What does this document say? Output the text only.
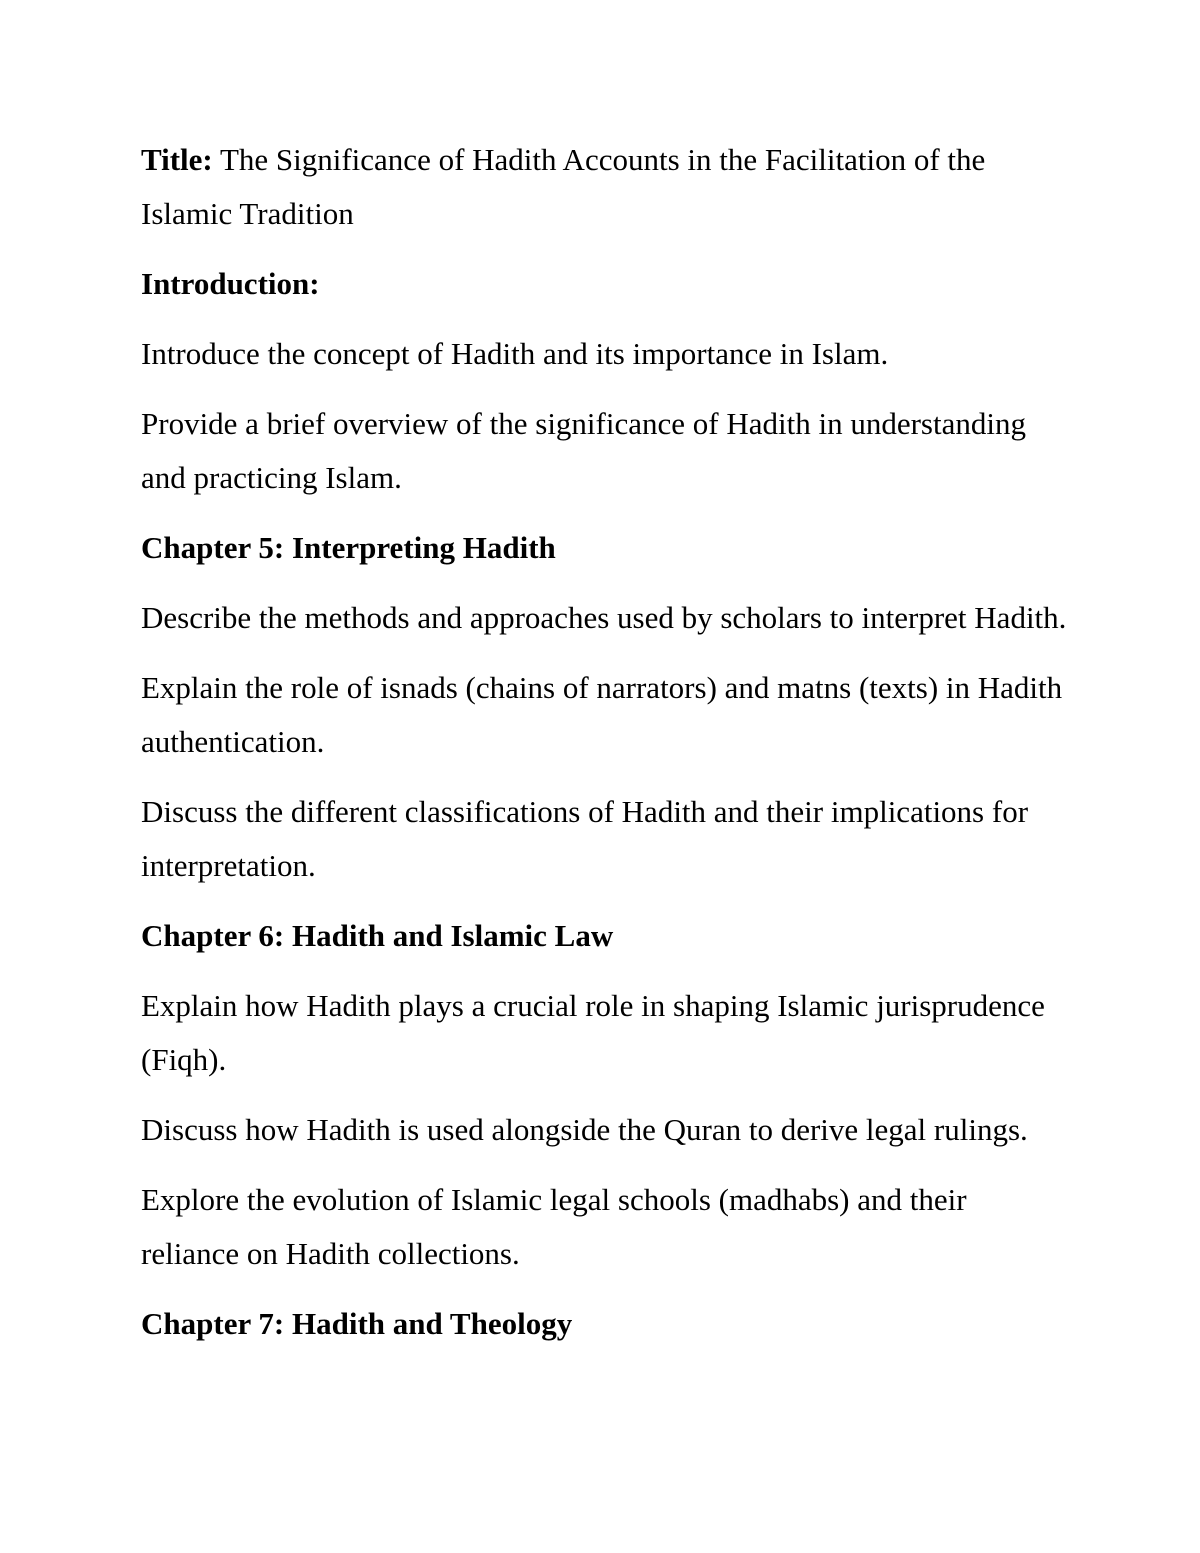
Title: The Significance of Hadith Accounts in the Facilitation of the Islamic Tradition

Introduction:

Introduce the concept of Hadith and its importance in Islam.

Provide a brief overview of the significance of Hadith in understanding and practicing Islam.

Chapter 5: Interpreting Hadith

Describe the methods and approaches used by scholars to interpret Hadith.

Explain the role of isnads (chains of narrators) and matns (texts) in Hadith authentication.

Discuss the different classifications of Hadith and their implications for interpretation.

Chapter 6: Hadith and Islamic Law

Explain how Hadith plays a crucial role in shaping Islamic jurisprudence (Fiqh).

Discuss how Hadith is used alongside the Quran to derive legal rulings.

Explore the evolution of Islamic legal schools (madhabs) and their reliance on Hadith collections.

Chapter 7: Hadith and Theology
